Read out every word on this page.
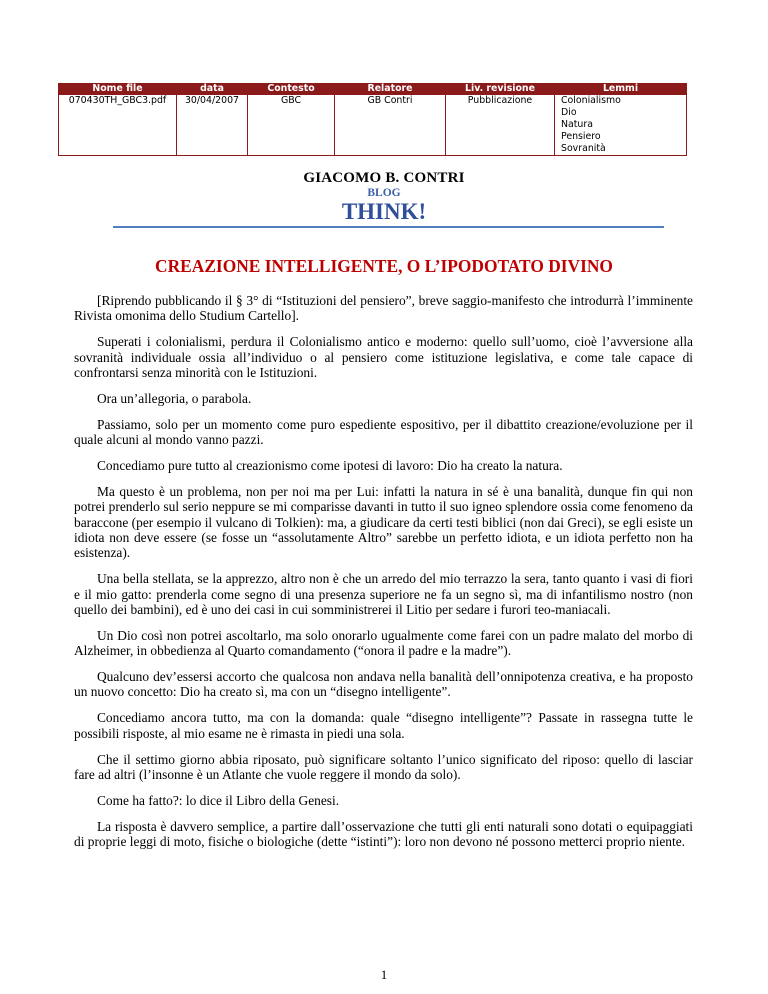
Nome file	data	Contesto	Relatore	Liv. revisione	Lemmi
070430TH_GBC3.pdf	30/04/2007	GBC	GB Contri	Pubblicazione	Colonialismo
Dio
Natura
Pensiero
Sovranità
GIACOMO B. CONTRI
BLOG
THINK!
CREAZIONE INTELLIGENTE, O L’IPODOTATO DIVINO

[Riprendo pubblicando il § 3° di “Istituzioni del pensiero”, breve saggio-manifesto che introdurrà l’imminente Rivista omonima dello Studium Cartello].

Superati i colonialismi, perdura il Colonialismo antico e moderno: quello sull’uomo, cioè l’avversione alla sovranità individuale ossia all’individuo o al pensiero come istituzione legislativa, e come tale capace di confrontarsi senza minorità con le Istituzioni.

Ora un’allegoria, o parabola.

Passiamo, solo per un momento come puro espediente espositivo, per il dibattito creazione/evoluzione per il quale alcuni al mondo vanno pazzi.

Concediamo pure tutto al creazionismo come ipotesi di lavoro: Dio ha creato la natura.

Ma questo è un problema, non per noi ma per Lui: infatti la natura in sé è una banalità, dunque fin qui non potrei prenderlo sul serio neppure se mi comparisse davanti in tutto il suo igneo splendore ossia come fenomeno da baraccone (per esempio il vulcano di Tolkien): ma, a giudicare da certi testi biblici (non dai Greci), se egli esiste un idiota non deve essere (se fosse un “assolutamente Altro” sarebbe un perfetto idiota, e un idiota perfetto non ha esistenza).

Una bella stellata, se la apprezzo, altro non è che un arredo del mio terrazzo la sera, tanto quanto i vasi di fiori e il mio gatto: prenderla come segno di una presenza superiore ne fa un segno sì, ma di infantilismo nostro (non quello dei bambini), ed è uno dei casi in cui somministrerei il Litio per sedare i furori teo-maniacali.

Un Dio così non potrei ascoltarlo, ma solo onorarlo ugualmente come farei con un padre malato del morbo di Alzheimer, in obbedienza al Quarto comandamento (“onora il padre e la madre”).

Qualcuno dev’essersi accorto che qualcosa non andava nella banalità dell’onnipotenza creativa, e ha proposto un nuovo concetto: Dio ha creato sì, ma con un “disegno intelligente”.

Concediamo ancora tutto, ma con la domanda: quale “disegno intelligente”? Passate in rassegna tutte le possibili risposte, al mio esame ne è rimasta in piedi una sola.

Che il settimo giorno abbia riposato, può significare soltanto l’unico significato del riposo: quello di lasciar fare ad altri (l’insonne è un Atlante che vuole reggere il mondo da solo).

Come ha fatto?: lo dice il Libro della Genesi.

La risposta è davvero semplice, a partire dall’osservazione che tutti gli enti naturali sono dotati o equipaggiati di proprie leggi di moto, fisiche o biologiche (dette “istinti”): loro non devono né possono metterci proprio niente.

1
